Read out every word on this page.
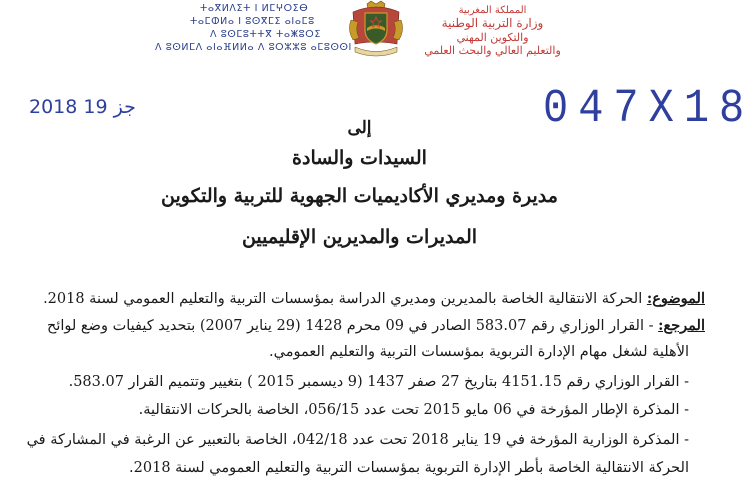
ⵜⴰⴳⵍⴷⵉⵜ ⵏ ⵍⵎⵖⵔⵉⴱ
ⵜⴰⵎⵀⵍⴰ ⵏ ⵓⵙⴳⵎⵉ ⴰⵏⴰⵎⵓ
ⴷ ⵓⵙⵎⵓⵜⵜⴳ ⵜⴰⵥⵓⵔⵉ
ⴷ ⵓⵙⵍⵎⴷ ⴰⵏⴰⴼⵍⵍⴰ ⴷ ⵓⵔⵣⵣⵓ ⴰⵎⵓⵙⵙⵏ
المملكة المغربية
وزارة التربية الوطنية
والتكوين المهني
والتعليم العالي والبحث العلمي
2018 جز 19	047X18
إلى
السيدات والسادة
مديرة ومديري الأكاديميات الجهوية للتربية والتكوين
المديرات والمديرين الإقليميين
الموضوع: الحركة الانتقالية الخاصة بالمديرين ومديري الدراسة بمؤسسات التربية والتعليم العمومي لسنة 2018.
المرجع: - القرار الوزاري رقم 583.07 الصادر في 09 محرم 1428 (29 يناير 2007) بتحديد كيفيات وضع لوائح
الأهلية لشغل مهام الإدارة التربوية بمؤسسات التربية والتعليم العمومي.
- القرار الوزاري رقم 4151.15 بتاريخ 27 صفر 1437 (9 ديسمبر 2015 ) بتغيير وتتميم القرار 583.07.
- المذكرة الإطار المؤرخة في 06 مايو 2015 تحت عدد 056/15، الخاصة بالحركات الانتقالية.
- المذكرة الوزارية المؤرخة في 19 يناير 2018 تحت عدد 042/18، الخاصة بالتعبير عن الرغبة في المشاركة في
الحركة الانتقالية الخاصة بأطر الإدارة التربوية بمؤسسات التربية والتعليم العمومي لسنة 2018.
